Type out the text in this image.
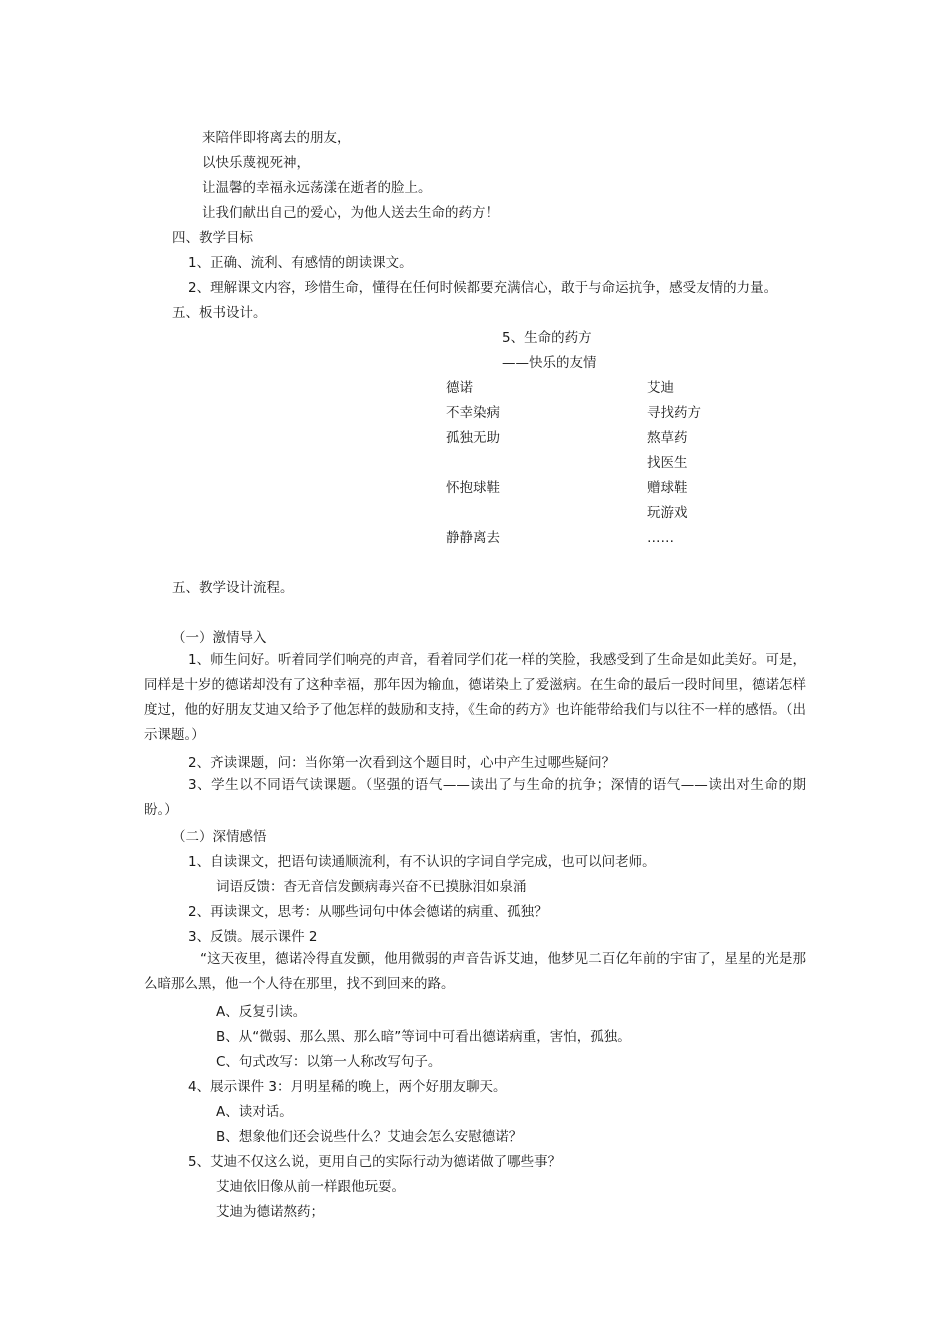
来陪伴即将离去的朋友，
以快乐蔑视死神，
让温馨的幸福永远荡漾在逝者的脸上。
让我们献出自己的爱心，为他人送去生命的药方！
四、教学目标
1、正确、流利、有感情的朗读课文。
2、理解课文内容，珍惜生命，懂得在任何时候都要充满信心，敢于与命运抗争，感受友情的力量。
五、板书设计。
5、生命的药方
——快乐的友情
德诺
不幸染病
孤独无助
怀抱球鞋
静静离去
艾迪
寻找药方
熬草药
找医生
赠球鞋
玩游戏
……
五、教学设计流程。
（一）激情导入
1、师生问好。听着同学们响亮的声音，看着同学们花一样的笑脸，我感受到了生命是如此美好。可是，同样是十岁的德诺却没有了这种幸福，那年因为输血，德诺染上了爱滋病。在生命的最后一段时间里，德诺怎样度过，他的好朋友艾迪又给予了他怎样的鼓励和支持，《生命的药方》也许能带给我们与以往不一样的感悟。（出示课题。）
2、齐读课题，问：当你第一次看到这个题目时，心中产生过哪些疑问？
3、学生以不同语气读课题。（坚强的语气——读出了与生命的抗争；深情的语气——读出对生命的期盼。）
（二）深情感悟
1、自读课文，把语句读通顺流利，有不认识的字词自学完成，也可以问老师。
词语反馈：杳无音信发颤病毒兴奋不已摸脉泪如泉涌
2、再读课文，思考：从哪些词句中体会德诺的病重、孤独？
3、反馈。展示课件 2
“这天夜里，德诺冷得直发颤，他用微弱的声音告诉艾迪，他梦见二百亿年前的宇宙了，星星的光是那么暗那么黑，他一个人待在那里，找不到回来的路。
A、反复引读。
B、从“微弱、那么黑、那么暗”等词中可看出德诺病重，害怕，孤独。
C、句式改写：以第一人称改写句子。
4、展示课件 3：月明星稀的晚上，两个好朋友聊天。
A、读对话。
B、想象他们还会说些什么？艾迪会怎么安慰德诺？
5、艾迪不仅这么说，更用自己的实际行动为德诺做了哪些事？
艾迪依旧像从前一样跟他玩耍。
艾迪为德诺熬药；
